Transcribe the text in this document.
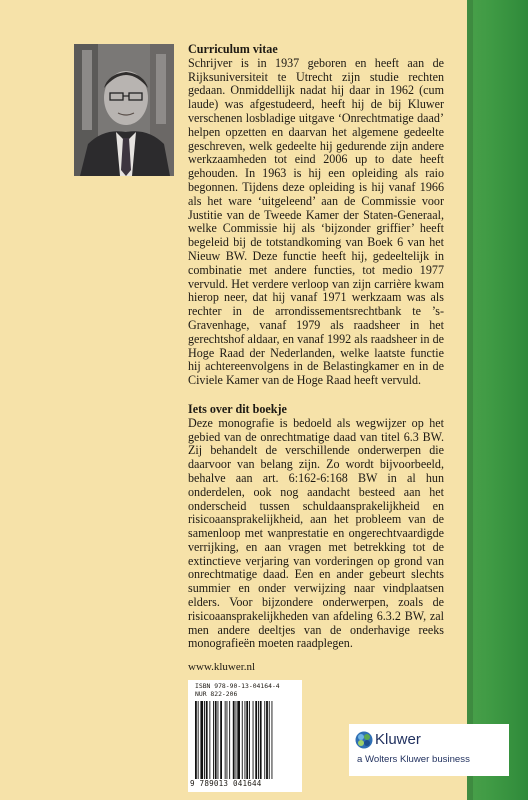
Curriculum vitae
Schrijver is in 1937 geboren en heeft aan de Rijksuniversiteit te Utrecht zijn studie rechten gedaan. Onmiddellijk nadat hij daar in 1962 (cum laude) was afgestudeerd, heeft hij de bij Kluwer verschenen losbladige uitgave ‘Onrechtmatige daad’ helpen opzetten en daarvan het algemene gedeelte geschreven, welk gedeelte hij gedurende zijn andere werkzaamheden tot eind 2006 up to date heeft gehouden. In 1963 is hij een opleiding als raio begonnen. Tijdens deze opleiding is hij vanaf 1966 als het ware ‘uitgeleend’ aan de Commissie voor Justitie van de Tweede Kamer der Staten-Generaal, welke Commissie hij als ‘bijzonder griffier’ heeft begeleid bij de totstandkoming van Boek 6 van het Nieuw BW. Deze functie heeft hij, gedeeltelijk in combinatie met andere functies, tot medio 1977 vervuld. Het verdere verloop van zijn carrière kwam hierop neer, dat hij vanaf 1971 werkzaam was als rechter in de arrondissementsrechtbank te ’s-Gravenhage, vanaf 1979 als raadsheer in het gerechtshof aldaar, en vanaf 1992 als raadsheer in de Hoge Raad der Nederlanden, welke laatste functie hij achtereenvolgens in de Belastingkamer en in de Civiele Kamer van de Hoge Raad heeft vervuld.
Iets over dit boekje
Deze monografie is bedoeld als wegwijzer op het gebied van de onrechtmatige daad van titel 6.3 BW. Zij behandelt de verschillende onderwerpen die daarvoor van belang zijn. Zo wordt bijvoorbeeld, behalve aan art. 6:162-6:168 BW in al hun onderdelen, ook nog aandacht besteed aan het onderscheid tussen schuldaansprakelijkheid en risicoaansprakelijkheid, aan het probleem van de samenloop met wanprestatie en ongerechtvaardigde verrijking, en aan vragen met betrekking tot de extinctieve verjaring van vorderingen op grond van onrechtmatige daad. Een en ander gebeurt slechts summier en onder verwijzing naar vindplaatsen elders. Voor bijzondere onderwerpen, zoals de risicoaansprakelijkheden van afdeling 6.3.2 BW, zal men andere deeltjes van de onderhavige reeks monografieën moeten raadplegen.
www.kluwer.nl
ISBN 978-90-13-04164-4
NUR 822-206
9 789013 041644
Kluwer
a Wolters Kluwer business
